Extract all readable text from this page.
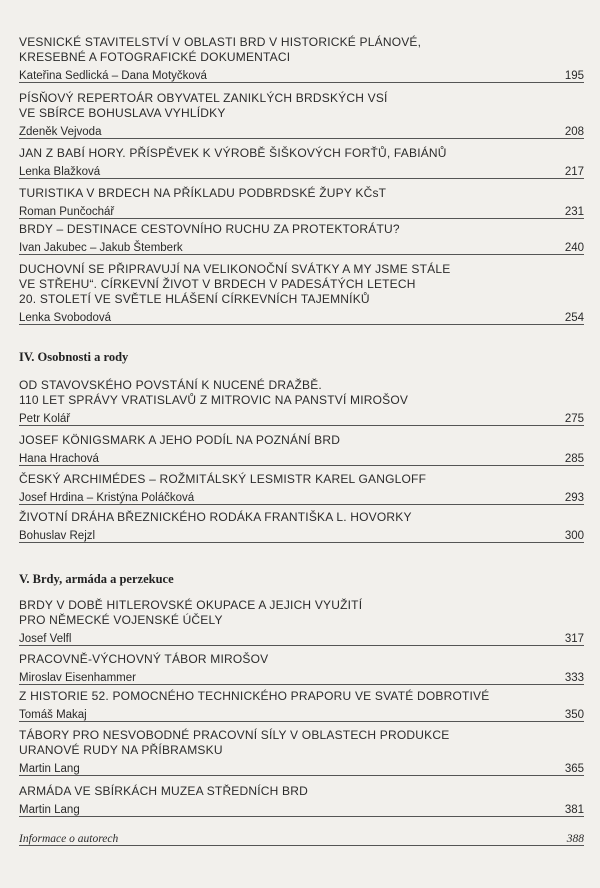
VESNICKÉ STAVITELSTVÍ V OBLASTI BRD V HISTORICKÉ PLÁNOVÉ,
KRESEBNÉ A FOTOGRAFICKÉ DOKUMENTACI
Kateřina Sedlická – Dana Motyčková	195
PÍSŇOVÝ REPERTOÁR OBYVATEL ZANIKLÝCH BRDSKÝCH VSÍ
VE SBÍRCE BOHUSLAVA VYHLÍDKY
Zdeněk Vejvoda	208
JAN Z BABÍ HORY. PŘÍSPĚVEK K VÝROBĚ ŠIŠKOVÝCH FORŤŮ, FABIÁNŮ
Lenka Blažková	217
TURISTIKA V BRDECH NA PŘÍKLADU PODBRDSKÉ ŽUPY KČsT
Roman Punčochář	231
BRDY – DESTINACE CESTOVNÍHO RUCHU ZA PROTEKTORÁTU?
Ivan Jakubec – Jakub Štemberk	240
DUCHOVNÍ SE PŘIPRAVUJÍ NA VELIKONOČNÍ SVÁTKY A MY JSME STÁLE
VE STŘEHU“. CÍRKEVNÍ ŽIVOT V BRDECH V PADESÁTÝCH LETECH
20. STOLETÍ VE SVĚTLE HLÁŠENÍ CÍRKEVNÍCH TAJEMNÍKŮ
Lenka Svobodová	254
IV. Osobnosti a rody
OD STAVOVSKÉHO POVSTÁNÍ K NUCENÉ DRAŽBĚ.
110 LET SPRÁVY VRATISLAVŮ Z MITROVIC NA PANSTVÍ MIROŠOV
Petr Kolář	275
JOSEF KÖNIGSMARK A JEHO PODÍL NA POZNÁNÍ BRD
Hana Hrachová	285
ČESKÝ ARCHIMÉDES – ROŽMITÁLSKÝ LESMISTR KAREL GANGLOFF
Josef Hrdina – Kristýna Poláčková	293
ŽIVOTNÍ DRÁHA BŘEZNICKÉHO RODÁKA FRANTIŠKA L. HOVORKY
Bohuslav Rejzl	300
V. Brdy, armáda a perzekuce
BRDY V DOBĚ HITLEROVSKÉ OKUPACE A JEJICH VYUŽITÍ
PRO NĚMECKÉ VOJENSKÉ ÚČELY
Josef Velfl	317
PRACOVNĚ-VÝCHOVNÝ TÁBOR MIROŠOV
Miroslav Eisenhammer	333
Z HISTORIE 52. POMOCNÉHO TECHNICKÉHO PRAPORU VE SVATÉ DOBROTIVÉ
Tomáš Makaj	350
TÁBORY PRO NESVOBODNÉ PRACOVNÍ SÍLY V OBLASTECH PRODUKCE
URANOVÉ RUDY NA PŘÍBRAMSKU
Martin Lang	365
ARMÁDA VE SBÍRKÁCH MUZEA STŘEDNÍCH BRD
Martin Lang	381
Informace o autorech	388
